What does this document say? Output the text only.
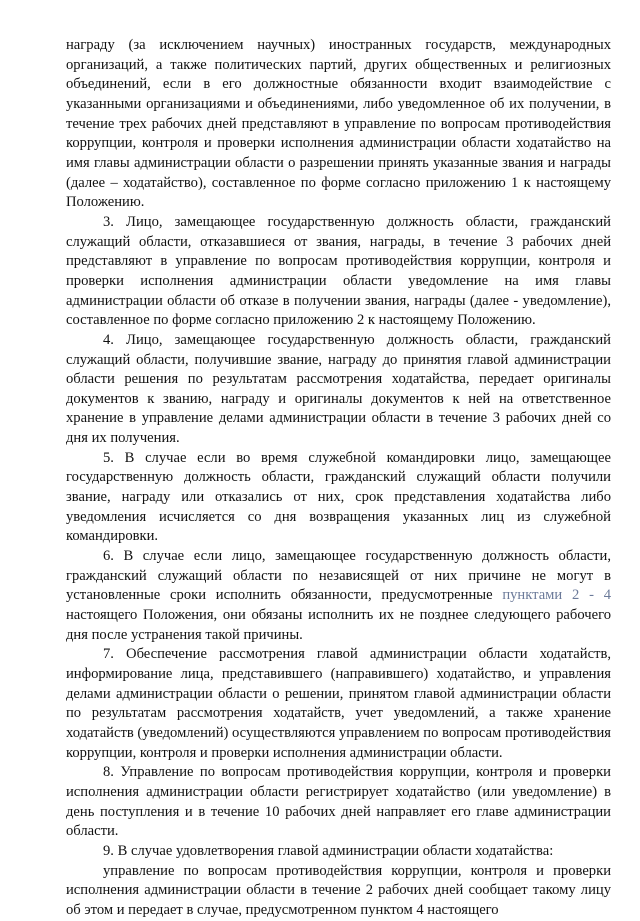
награду (за исключением научных) иностранных государств, международных организаций, а также политических партий, других общественных и религиозных объединений, если в его должностные обязанности входит взаимодействие с указанными организациями и объединениями, либо уведомленное об их получении, в течение трех рабочих дней представляют в управление по вопросам противодействия коррупции, контроля и проверки исполнения администрации области ходатайство на имя главы администрации области о разрешении принять указанные звания и награды (далее – ходатайство), составленное по форме согласно приложению 1 к настоящему Положению.

3. Лицо, замещающее государственную должность области, гражданский служащий области, отказавшиеся от звания, награды, в течение 3 рабочих дней представляют в управление по вопросам противодействия коррупции, контроля и проверки исполнения администрации области уведомление на имя главы администрации области об отказе в получении звания, награды (далее - уведомление), составленное по форме согласно приложению 2 к настоящему Положению.

4. Лицо, замещающее государственную должность области, гражданский служащий области, получившие звание, награду до принятия главой администрации области решения по результатам рассмотрения ходатайства, передает оригиналы документов к званию, награду и оригиналы документов к ней на ответственное хранение в управление делами администрации области в течение 3 рабочих дней со дня их получения.

5. В случае если во время служебной командировки лицо, замещающее государственную должность области, гражданский служащий области получили звание, награду или отказались от них, срок представления ходатайства либо уведомления исчисляется со дня возвращения указанных лиц из служебной командировки.

6. В случае если лицо, замещающее государственную должность области, гражданский служащий области по независящей от них причине не могут в установленные сроки исполнить обязанности, предусмотренные пунктами 2 - 4 настоящего Положения, они обязаны исполнить их не позднее следующего рабочего дня после устранения такой причины.

7. Обеспечение рассмотрения главой администрации области ходатайств, информирование лица, представившего (направившего) ходатайство, и управления делами администрации области о решении, принятом главой администрации области по результатам рассмотрения ходатайств, учет уведомлений, а также хранение ходатайств (уведомлений) осуществляются управлением по вопросам противодействия коррупции, контроля и проверки исполнения администрации области.

8. Управление по вопросам противодействия коррупции, контроля и проверки исполнения администрации области регистрирует ходатайство (или уведомление) в день поступления и в течение 10 рабочих дней направляет его главе администрации области.

9. В случае удовлетворения главой администрации области ходатайства:

управление по вопросам противодействия коррупции, контроля и проверки исполнения администрации области в течение 2 рабочих дней сообщает такому лицу об этом и передает в случае, предусмотренном пунктом 4 настоящего
